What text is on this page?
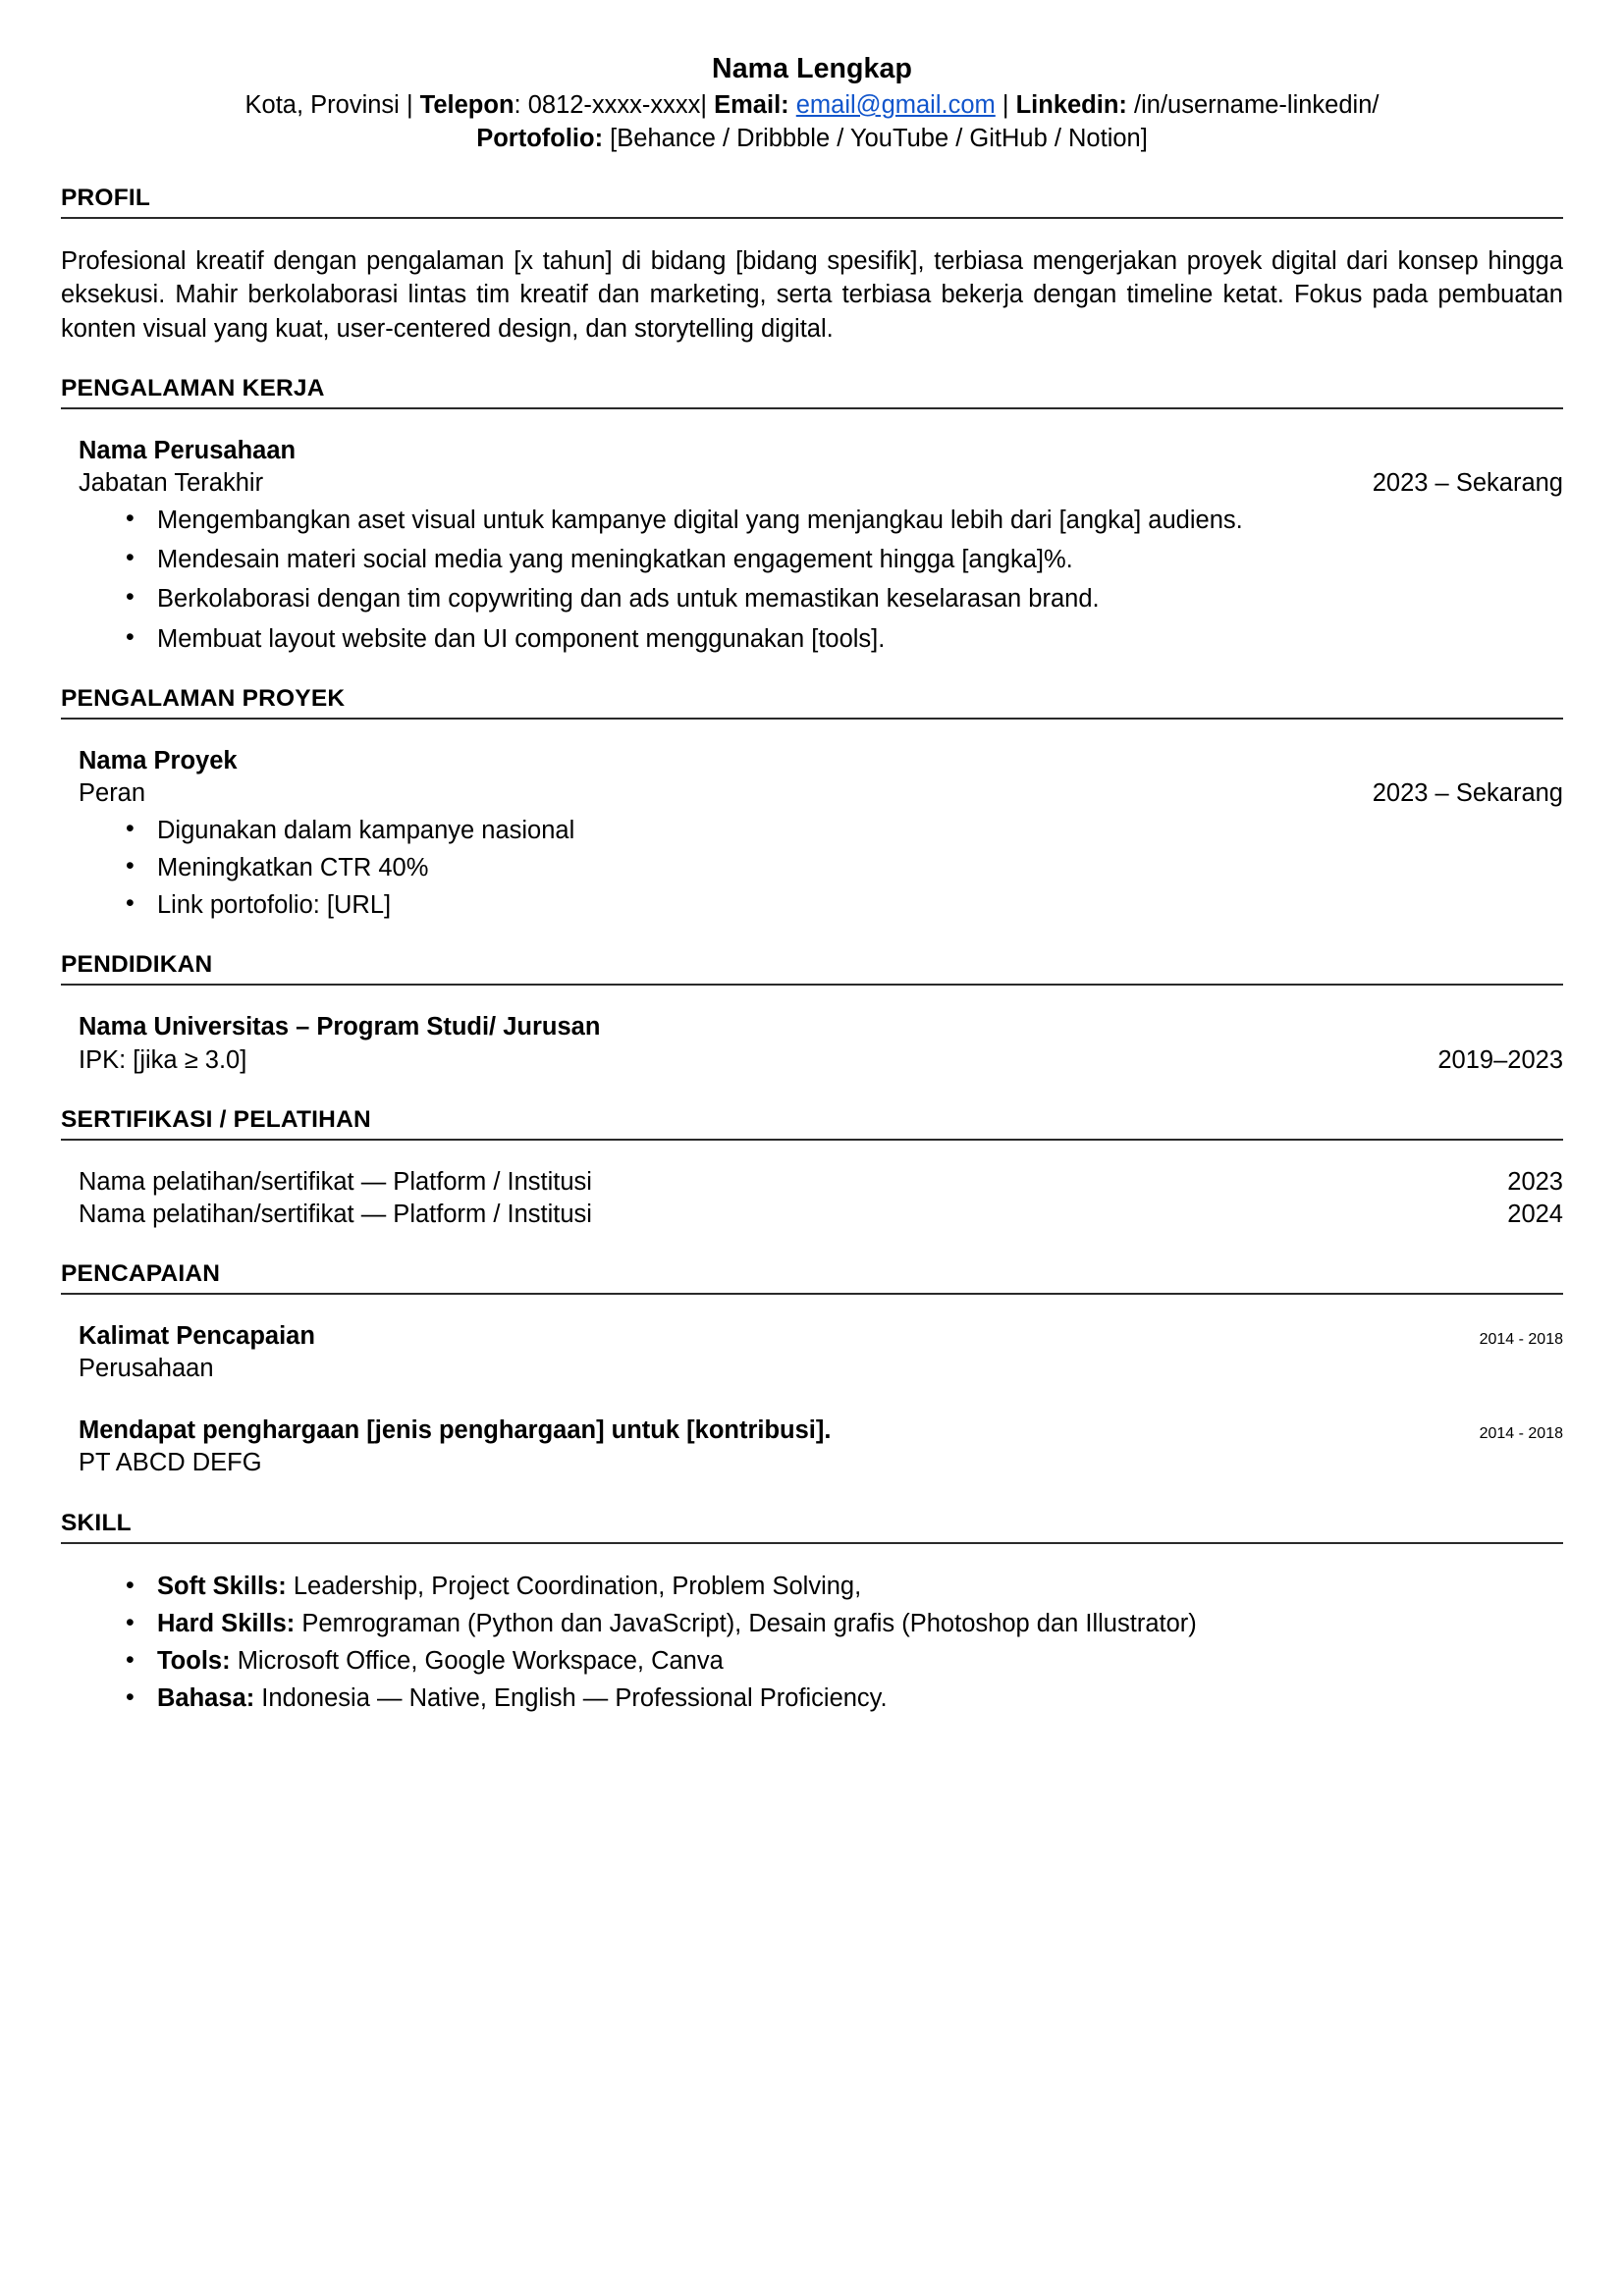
Nama Lengkap
Kota, Provinsi | Telepon: 0812-xxxx-xxxx| Email: email@gmail.com | Linkedin: /in/username-linkedin/
Portofolio: [Behance / Dribbble / YouTube / GitHub / Notion]
PROFIL

Profesional kreatif dengan pengalaman [x tahun] di bidang [bidang spesifik], terbiasa mengerjakan proyek digital dari konsep hingga eksekusi. Mahir berkolaborasi lintas tim kreatif dan marketing, serta terbiasa bekerja dengan timeline ketat. Fokus pada pembuatan konten visual yang kuat, user-centered design, dan storytelling digital.

PENGALAMAN KERJA
Nama Perusahaan
Jabatan Terakhir	2023 – Sekarang
• Mengembangkan aset visual untuk kampanye digital yang menjangkau lebih dari [angka] audiens.
• Mendesain materi social media yang meningkatkan engagement hingga [angka]%.
• Berkolaborasi dengan tim copywriting dan ads untuk memastikan keselarasan brand.
• Membuat layout website dan UI component menggunakan [tools].
PENGALAMAN PROYEK
Nama Proyek
Peran	2023 – Sekarang
• Digunakan dalam kampanye nasional
• Meningkatkan CTR 40%
• Link portofolio: [URL]
PENDIDIKAN
Nama Universitas – Program Studi/ Jurusan
IPK: [jika ≥ 3.0]	2019–2023
SERTIFIKASI / PELATIHAN
Nama pelatihan/sertifikat — Platform / Institusi	2023
Nama pelatihan/sertifikat — Platform / Institusi	2024
PENCAPAIAN
Kalimat Pencapaian	2014 - 2018
Perusahaan
Mendapat penghargaan [jenis penghargaan] untuk [kontribusi].	2014 - 2018
PT ABCD DEFG
SKILL
• Soft Skills: Leadership, Project Coordination, Problem Solving,
• Hard Skills: Pemrograman (Python dan JavaScript), Desain grafis (Photoshop dan Illustrator)
• Tools: Microsoft Office, Google Workspace, Canva
• Bahasa: Indonesia — Native, English — Professional Proficiency.
